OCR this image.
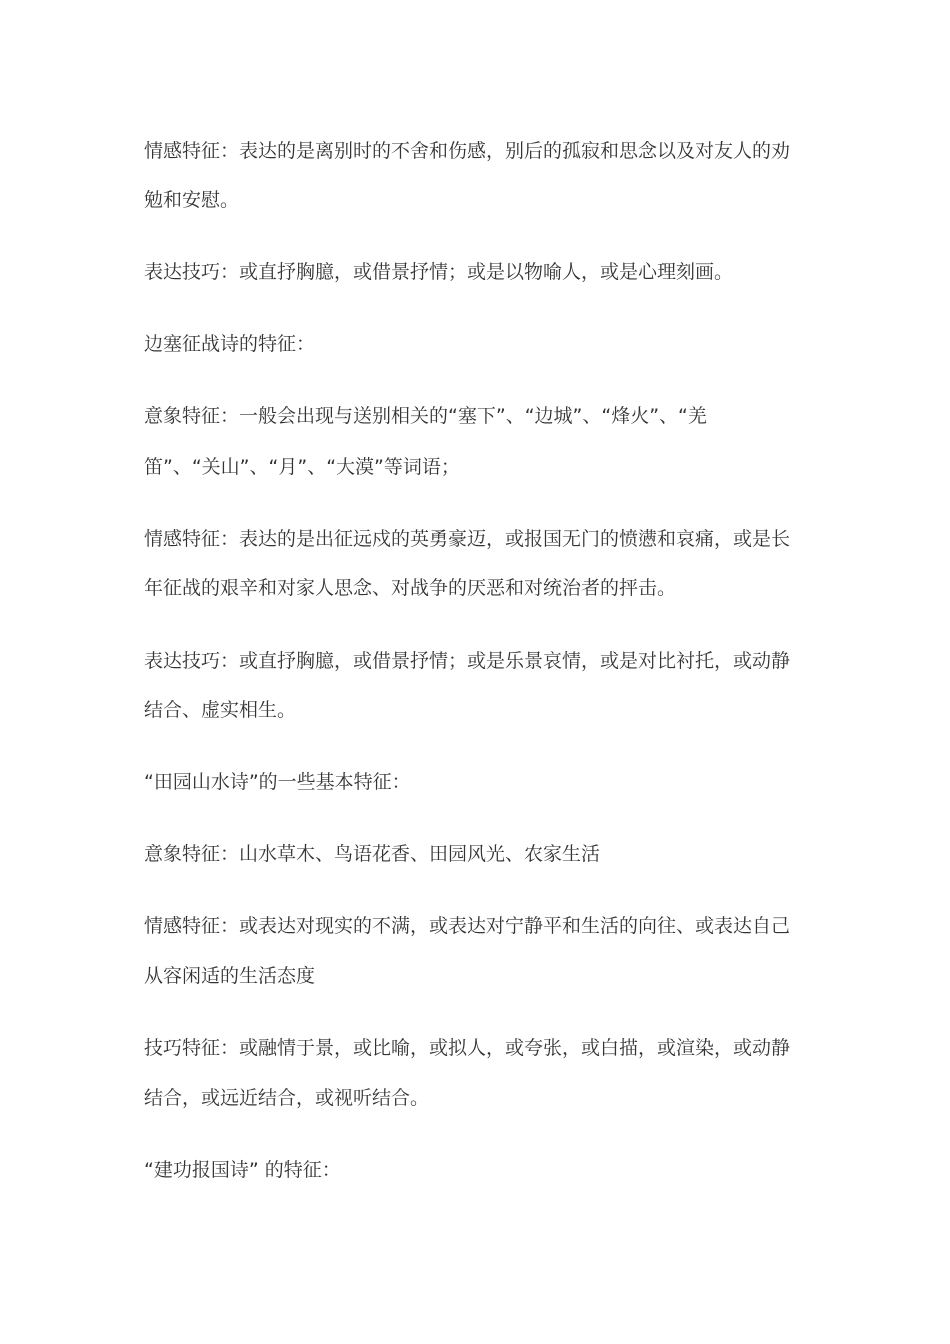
情感特征：表达的是离别时的不舍和伤感，别后的孤寂和思念以及对友人的劝
勉和安慰。
表达技巧：或直抒胸臆，或借景抒情；或是以物喻人，或是心理刻画。
边塞征战诗的特征：
意象特征：一般会出现与送别相关的“塞下”、“边城”、“烽火”、“羌
笛”、“关山”、“月”、“大漠”等词语；
情感特征：表达的是出征远戍的英勇豪迈，或报国无门的愤懑和哀痛，或是长
年征战的艰辛和对家人思念、对战争的厌恶和对统治者的抨击。
表达技巧：或直抒胸臆，或借景抒情；或是乐景哀情，或是对比衬托，或动静
结合、虚实相生。
“田园山水诗”的一些基本特征：
意象特征：山水草木、鸟语花香、田园风光、农家生活
情感特征：或表达对现实的不满，或表达对宁静平和生活的向往、或表达自己
从容闲适的生活态度
技巧特征：或融情于景，或比喻，或拟人，或夸张，或白描，或渲染，或动静
结合，或远近结合，或视听结合。
“建功报国诗” 的特征：
